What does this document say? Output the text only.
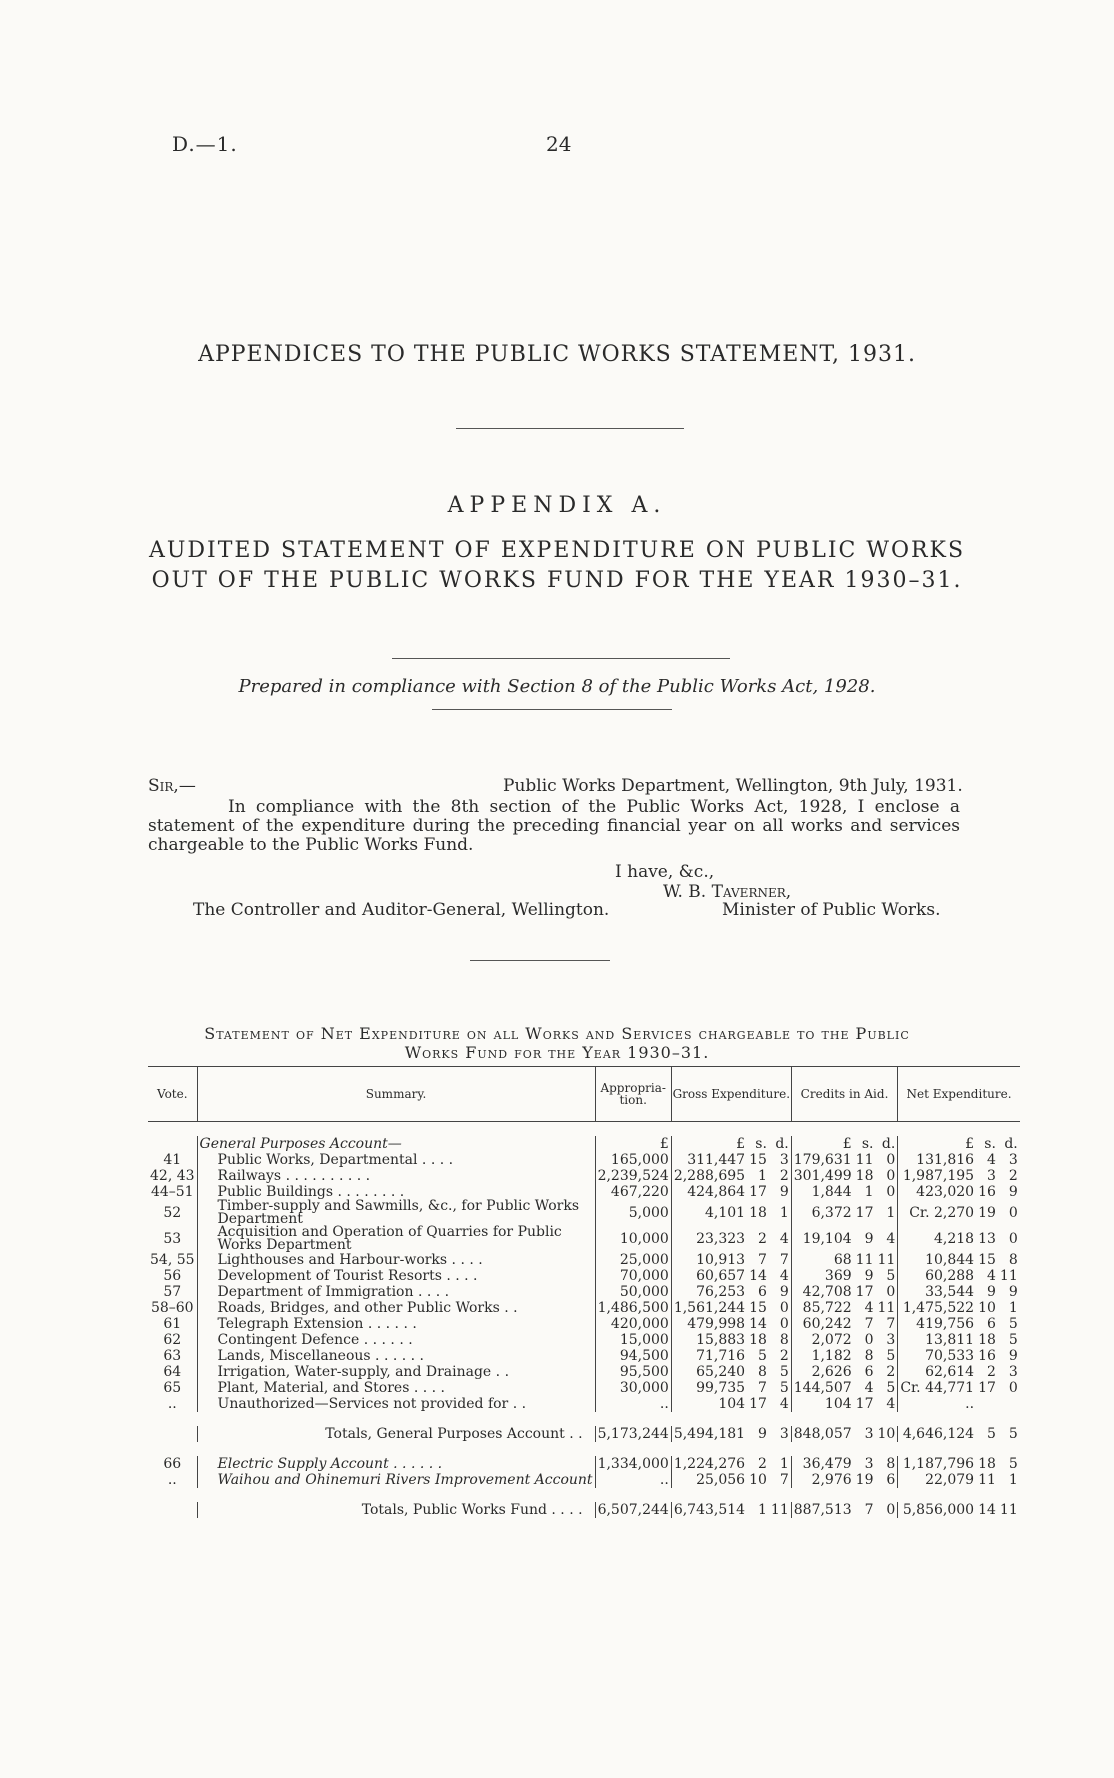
D.—1.	24
APPENDICES TO THE PUBLIC WORKS STATEMENT, 1931.
APPENDIX A.
AUDITED STATEMENT OF EXPENDITURE ON PUBLIC WORKS
OUT OF THE PUBLIC WORKS FUND FOR THE YEAR 1930–31.
Prepared in compliance with Section 8 of the Public Works Act, 1928.
Sir,—	Public Works Department, Wellington, 9th July, 1931.
In compliance with the 8th section of the Public Works Act, 1928, I enclose a statement of the expenditure during the preceding financial year on all works and services chargeable to the Public Works Fund.
I have, &c.,
W. B. Taverner,
The Controller and Auditor-General, Wellington.	Minister of Public Works.
Statement of Net Expenditure on all Works and Services chargeable to the Public
Works Fund for the Year 1930–31.
Vote.	Summary.	Appropria-tion.	Gross Expenditure.			Credits in Aid.			Net Expenditure.		

	General Purposes Account—	£	£	s.	d.	£	s.	d.	£	s.	d.
41	Public Works, Departmental . . . .	165,000	311,447	15	3	179,631	11	0	131,816	4	3
42, 43	Railways . . . . . . . . . .	2,239,524	2,288,695	1	2	301,499	18	0	1,987,195	3	2
44–51	Public Buildings . . . . . . . .	467,220	424,864	17	9	1,844	1	0	423,020	16	9
52	Timber-supply and Sawmills, &c., for Public Works Department	5,000	4,101	18	1	6,372	17	1	Cr. 2,270	19	0
53	Acquisition and Operation of Quarries for Public Works Department	10,000	23,323	2	4	19,104	9	4	4,218	13	0
54, 55	Lighthouses and Harbour-works . . . .	25,000	10,913	7	7	68	11	11	10,844	15	8
56	Development of Tourist Resorts . . . .	70,000	60,657	14	4	369	9	5	60,288	4	11
57	Department of Immigration . . . .	50,000	76,253	6	9	42,708	17	0	33,544	9	9
58–60	Roads, Bridges, and other Public Works . .	1,486,500	1,561,244	15	0	85,722	4	11	1,475,522	10	1
61	Telegraph Extension . . . . . .	420,000	479,998	14	0	60,242	7	7	419,756	6	5
62	Contingent Defence . . . . . .	15,000	15,883	18	8	2,072	0	3	13,811	18	5
63	Lands, Miscellaneous . . . . . .	94,500	71,716	5	2	1,182	8	5	70,533	16	9
64	Irrigation, Water-supply, and Drainage . .	95,500	65,240	8	5	2,626	6	2	62,614	2	3
65	Plant, Material, and Stores . . . .	30,000	99,735	7	5	144,507	4	5	Cr. 44,771	17	0
..	Unauthorized—Services not provided for . .	..	104	17	4	104	17	4	..		

	Totals, General Purposes Account . .	5,173,244	5,494,181	9	3	848,057	3	10	4,646,124	5	5

66	Electric Supply Account . . . . . .	1,334,000	1,224,276	2	1	36,479	3	8	1,187,796	18	5
..	Waihou and Ohinemuri Rivers Improvement Account	..	25,056	10	7	2,976	19	6	22,079	11	1

	Totals, Public Works Fund . . . .	6,507,244	6,743,514	1	11	887,513	7	0	5,856,000	14	11
